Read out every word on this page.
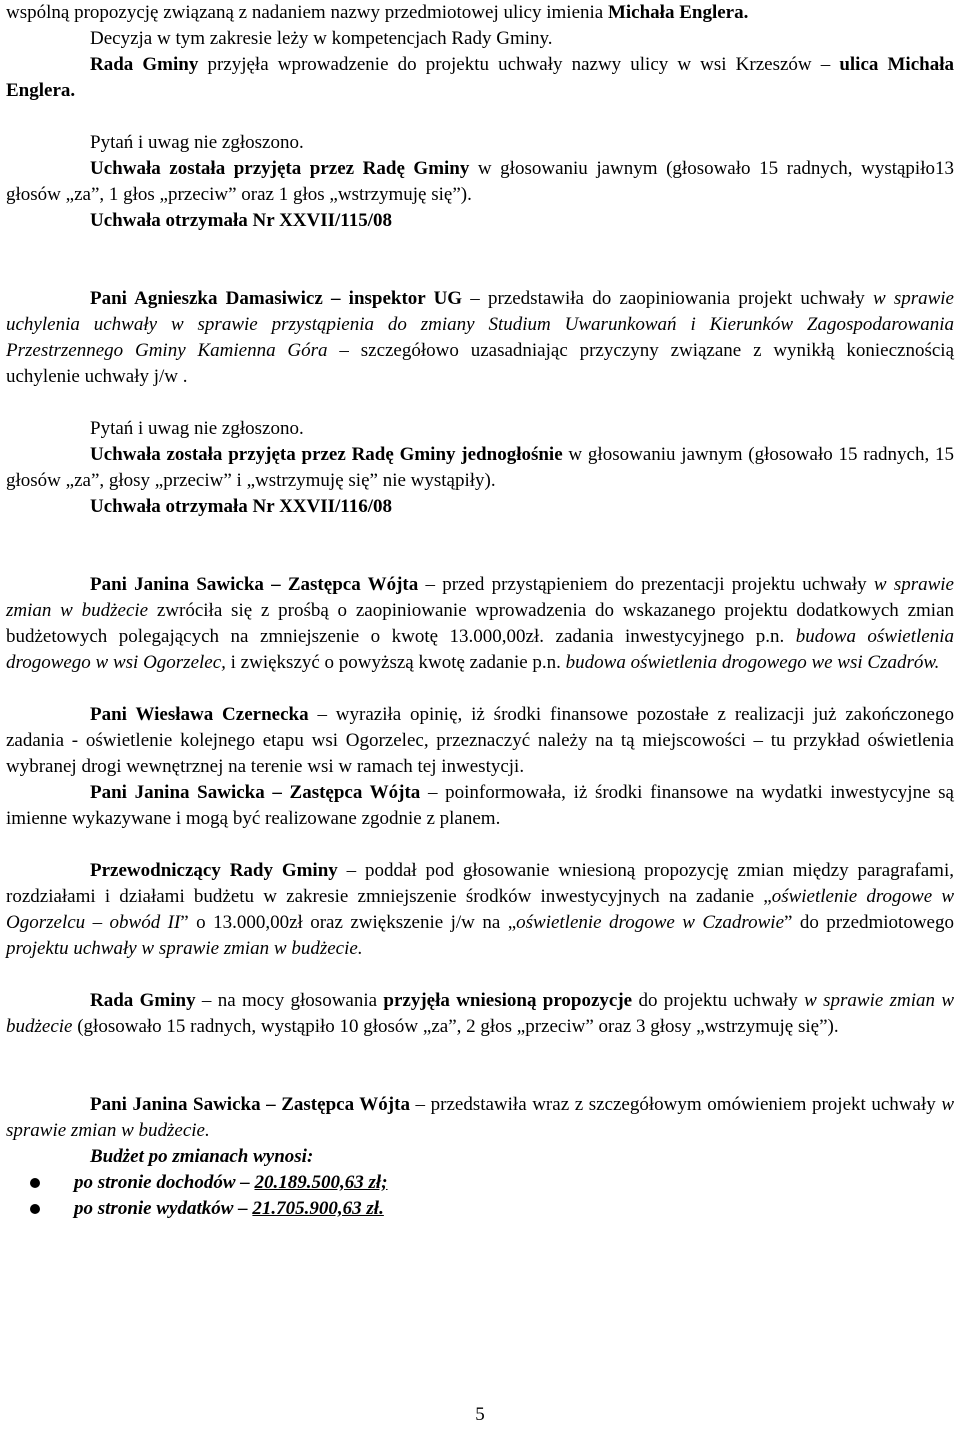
wspólną propozycję związaną z nadaniem nazwy przedmiotowej ulicy imienia Michała Englera.

Decyzja w tym zakresie leży w kompetencjach Rady Gminy.

Rada Gminy przyjęła wprowadzenie do projektu uchwały nazwy ulicy w wsi Krzeszów – ulica Michała Englera.

Pytań i uwag nie zgłoszono.

Uchwała została przyjęta przez Radę Gminy w głosowaniu jawnym (głosowało 15 radnych, wystąpiło13 głosów „za”, 1 głos „przeciw” oraz 1 głos „wstrzymuję się”).

Uchwała otrzymała Nr XXVII/115/08

Pani Agnieszka Damasiwicz – inspektor UG – przedstawiła do zaopiniowania projekt uchwały w sprawie uchylenia uchwały w sprawie przystąpienia do zmiany Studium Uwarunkowań i Kierunków Zagospodarowania Przestrzennego Gminy Kamienna Góra – szczegółowo uzasadniając przyczyny związane z wynikłą koniecznością uchylenie uchwały j/w .

Pytań i uwag nie zgłoszono.

Uchwała została przyjęta przez Radę Gminy jednogłośnie w głosowaniu jawnym (głosowało 15 radnych, 15 głosów „za”, głosy „przeciw” i „wstrzymuję się” nie wystąpiły).

Uchwała otrzymała Nr XXVII/116/08

Pani Janina Sawicka – Zastępca Wójta – przed przystąpieniem do prezentacji projektu uchwały w sprawie zmian w budżecie zwróciła się z prośbą o zaopiniowanie wprowadzenia do wskazanego projektu dodatkowych zmian budżetowych polegających na zmniejszenie o kwotę 13.000,00zł. zadania inwestycyjnego p.n. budowa oświetlenia drogowego w wsi Ogorzelec, i zwiększyć o powyższą kwotę zadanie p.n. budowa oświetlenia drogowego we wsi Czadrów.

Pani Wiesława Czernecka – wyraziła opinię, iż środki finansowe pozostałe z realizacji już zakończonego zadania - oświetlenie kolejnego etapu wsi Ogorzelec, przeznaczyć należy na tą miejscowości – tu przykład oświetlenia wybranej drogi wewnętrznej na terenie wsi w ramach tej inwestycji.

Pani Janina Sawicka – Zastępca Wójta – poinformowała, iż środki finansowe na wydatki inwestycyjne są imienne wykazywane i mogą być realizowane zgodnie z planem.

Przewodniczący Rady Gminy – poddał pod głosowanie wniesioną propozycję zmian między paragrafami, rozdziałami i działami budżetu w zakresie zmniejszenie środków inwestycyjnych na zadanie „oświetlenie drogowe w Ogorzelcu – obwód II” o 13.000,00zł oraz zwiększenie j/w na „oświetlenie drogowe w Czadrowie” do przedmiotowego projektu uchwały w sprawie zmian w budżecie.

Rada Gminy – na mocy głosowania przyjęła wniesioną propozycje do projektu uchwały w sprawie zmian w budżecie (głosowało 15 radnych, wystąpiło 10 głosów „za”, 2 głos „przeciw” oraz 3 głosy „wstrzymuję się”).

Pani Janina Sawicka – Zastępca Wójta – przedstawiła wraz z szczegółowym omówieniem projekt uchwały w sprawie zmian w budżecie.

Budżet po zmianach wynosi:

po stronie dochodów – 20.189.500,63 zł;
po stronie wydatków – 21.705.900,63 zł.
5
